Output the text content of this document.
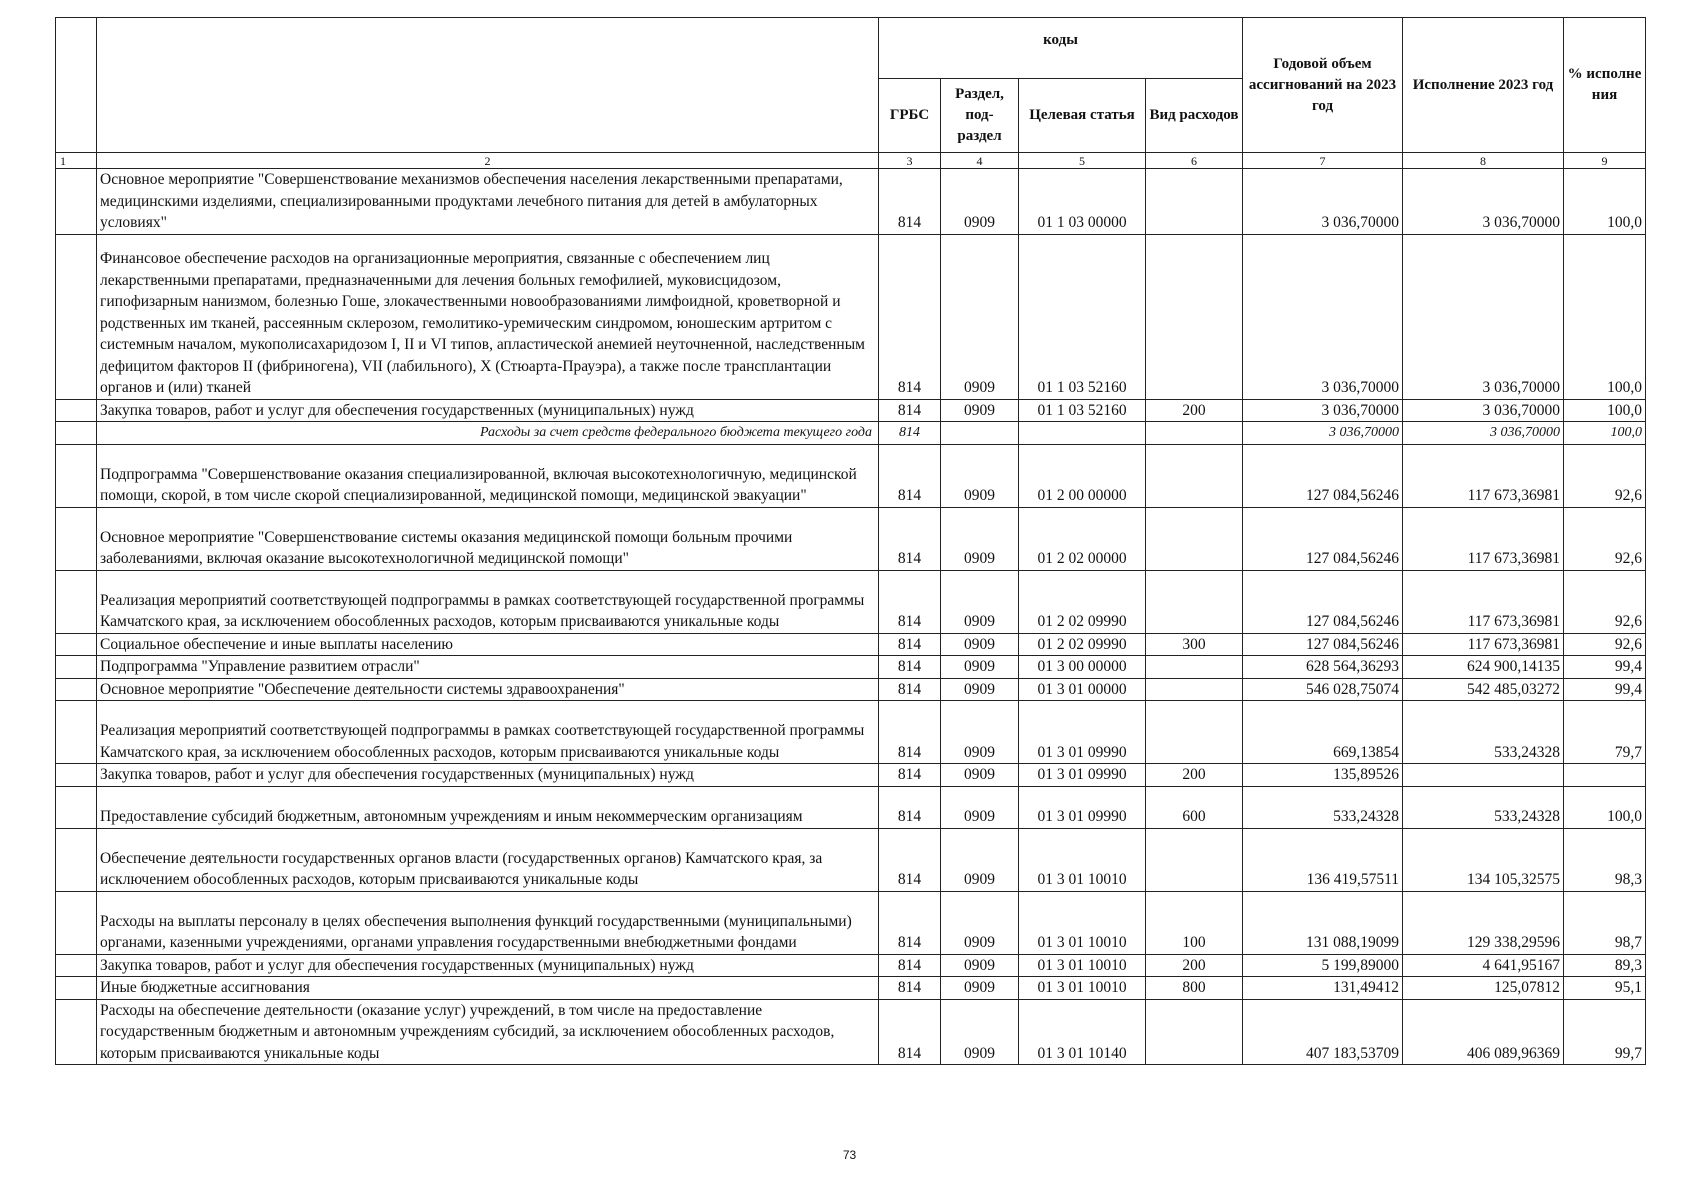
		коды				Годовой объем ассигнований на 2023 год	Исполнение 2023 год	% исполне ния
		ГРБС	Раздел, под-раздел	Целевая статья	Вид расходов			
1	2	3	4	5	6	7	8	9
	Основное мероприятие "Совершенствование механизмов обеспечения населения лекарственными препаратами, медицинскими изделиями, специализированными продуктами лечебного питания для детей в амбулаторных условиях"	814	0909	01 1 03 00000		3 036,70000	3 036,70000	100,0
	Финансовое обеспечение расходов на организационные мероприятия, связанные с обеспечением лиц лекарственными препаратами, предназначенными для лечения больных гемофилией, муковисцидозом, гипофизарным нанизмом, болезнью Гоше, злокачественными новообразованиями лимфоидной, кроветворной и родственных им тканей, рассеянным склерозом, гемолитико-уремическим синдромом, юношеским артритом с системным началом, мукополисахаридозом I, II и VI типов, апластической анемией неуточненной, наследственным дефицитом факторов II (фибриногена), VII (лабильного), X (Стюарта-Прауэра), а также после трансплантации органов и (или) тканей	814	0909	01 1 03 52160		3 036,70000	3 036,70000	100,0
	Закупка товаров, работ и услуг для обеспечения государственных (муниципальных) нужд	814	0909	01 1 03 52160	200	3 036,70000	3 036,70000	100,0
	Расходы за счет средств федерального бюджета текущего года	814				3 036,70000	3 036,70000	100,0
	Подпрограмма "Совершенствование оказания специализированной, включая высокотехнологичную, медицинской помощи, скорой, в том числе скорой специализированной, медицинской помощи, медицинской эвакуации"	814	0909	01 2 00 00000		127 084,56246	117 673,36981	92,6
	Основное мероприятие "Совершенствование системы оказания медицинской помощи больным прочими заболеваниями, включая оказание высокотехнологичной медицинской помощи"	814	0909	01 2 02 00000		127 084,56246	117 673,36981	92,6
	Реализация мероприятий соответствующей подпрограммы в рамках соответствующей государственной программы Камчатского края, за исключением обособленных расходов, которым присваиваются уникальные коды	814	0909	01 2 02 09990		127 084,56246	117 673,36981	92,6
	Социальное обеспечение и иные выплаты населению	814	0909	01 2 02 09990	300	127 084,56246	117 673,36981	92,6
	Подпрограмма "Управление развитием отрасли"	814	0909	01 3 00 00000		628 564,36293	624 900,14135	99,4
	Основное мероприятие "Обеспечение деятельности системы здравоохранения"	814	0909	01 3 01 00000		546 028,75074	542 485,03272	99,4
	Реализация мероприятий соответствующей подпрограммы в рамках соответствующей государственной программы Камчатского края, за исключением обособленных расходов, которым присваиваются уникальные коды	814	0909	01 3 01 09990		669,13854	533,24328	79,7
	Закупка товаров, работ и услуг для обеспечения государственных (муниципальных) нужд	814	0909	01 3 01 09990	200	135,89526		
	Предоставление субсидий бюджетным, автономным учреждениям и иным некоммерческим организациям	814	0909	01 3 01 09990	600	533,24328	533,24328	100,0
	Обеспечение деятельности государственных органов власти (государственных органов) Камчатского края, за исключением обособленных расходов, которым присваиваются уникальные коды	814	0909	01 3 01 10010		136 419,57511	134 105,32575	98,3
	Расходы на выплаты персоналу в целях обеспечения выполнения функций государственными (муниципальными) органами, казенными учреждениями, органами управления государственными внебюджетными фондами	814	0909	01 3 01 10010	100	131 088,19099	129 338,29596	98,7
	Закупка товаров, работ и услуг для обеспечения государственных (муниципальных) нужд	814	0909	01 3 01 10010	200	5 199,89000	4 641,95167	89,3
	Иные бюджетные ассигнования	814	0909	01 3 01 10010	800	131,49412	125,07812	95,1
	Расходы на обеспечение деятельности (оказание услуг) учреждений, в том числе на предоставление государственным бюджетным и автономным учреждениям субсидий, за исключением обособленных расходов, которым присваиваются уникальные коды	814	0909	01 3 01 10140		407 183,53709	406 089,96369	99,7
73
